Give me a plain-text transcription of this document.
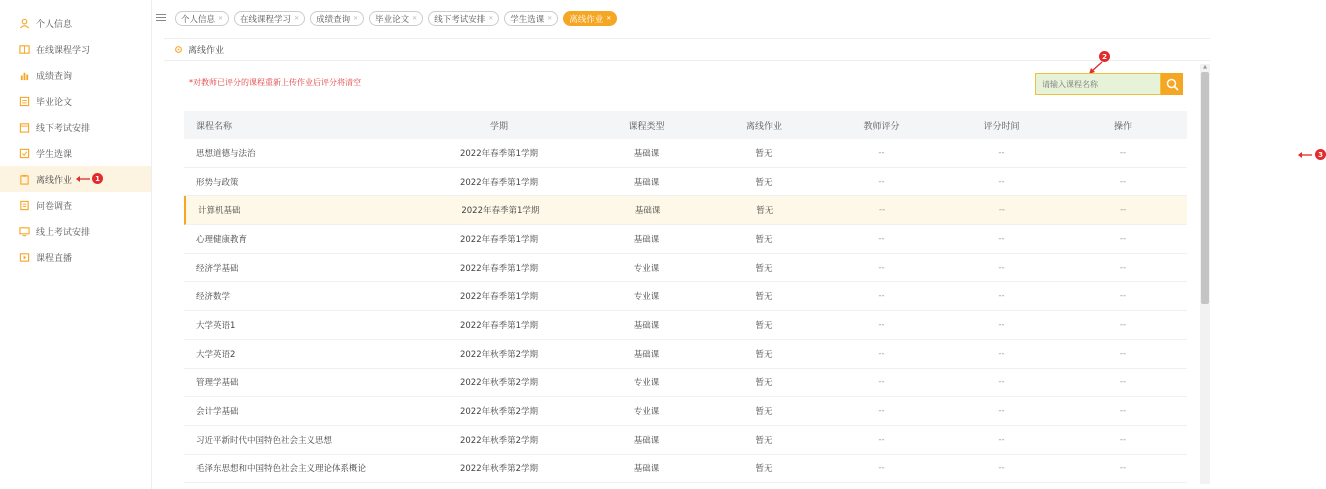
个人信息
在线课程学习
成绩查询
毕业论文
线下考试安排
学生选课
离线作业	1
问卷调查
线上考试安排
课程直播
个人信息 ✕ 在线课程学习 ✕ 成绩查询 ✕ 毕业论文 ✕ 线下考试安排 ✕ 学生选课 ✕ 离线作业 ✕
离线作业
*对教师已评分的课程重新上传作业后评分将清空
2
请输入课程名称
课程名称	学期	课程类型	离线作业	教师评分	评分时间	操作
思想道德与法治	2022年春季第1学期	基础课	暂无	--	--	--
形势与政策	2022年春季第1学期	基础课	暂无	--	--	--
计算机基础	2022年春季第1学期	基础课	暂无	--	--	--
心理健康教育	2022年春季第1学期	基础课	暂无	--	--	--
经济学基础	2022年春季第1学期	专业课	暂无	--	--	--
经济数学	2022年春季第1学期	专业课	暂无	--	--	--
大学英语1	2022年春季第1学期	基础课	暂无	--	--	--
大学英语2	2022年秋季第2学期	基础课	暂无	--	--	--
管理学基础	2022年秋季第2学期	专业课	暂无	--	--	--
会计学基础	2022年秋季第2学期	专业课	暂无	--	--	--
习近平新时代中国特色社会主义思想	2022年秋季第2学期	基础课	暂无	--	--	--
毛泽东思想和中国特色社会主义理论体系概论	2022年秋季第2学期	基础课	暂无	--	--	--
3
▲
